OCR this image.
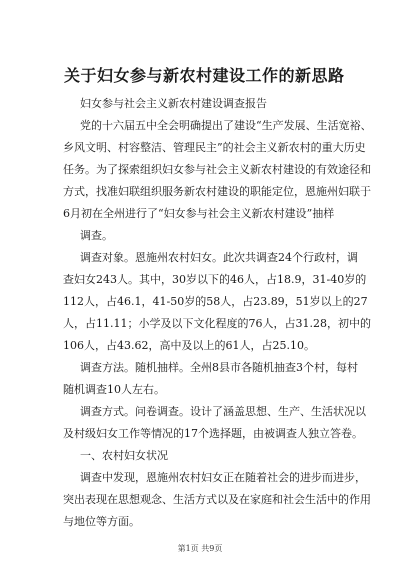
关于妇女参与新农村建设工作的新思路
妇女参与社会主义新农村建设调查报告
党的十六届五中全会明确提出了建设“生产发展、生活宽裕、
乡风文明、村容整洁、管理民主”的社会主义新农村的重大历史
任务。为了探索组织妇女参与社会主义新农村建设的有效途径和
方式，找准妇联组织服务新农村建设的职能定位，恩施州妇联于
6月初在全州进行了“妇女参与社会主义新农村建设”抽样
调查。
调查对象。恩施州农村妇女。此次共调查24个行政村，调
查妇女243人。其中，30岁以下的46人，占18.9，31-40岁的
112人，占46.1，41-50岁的58人，占23.89，51岁以上的27
人，占11.11；小学及以下文化程度的76人，占31.28，初中的
106人，占43.62，高中及以上的61人，占25.10。
调查方法。随机抽样。全州8县市各随机抽查3个村，每村
随机调查10人左右。
调查方式。问卷调查。设计了涵盖思想、生产、生活状况以
及村级妇女工作等情况的17个选择题，由被调查人独立答卷。
一、农村妇女状况
调查中发现，恩施州农村妇女正在随着社会的进步而进步，
突出表现在思想观念、生活方式以及在家庭和社会生活中的作用
与地位等方面。
第1页 共9页
